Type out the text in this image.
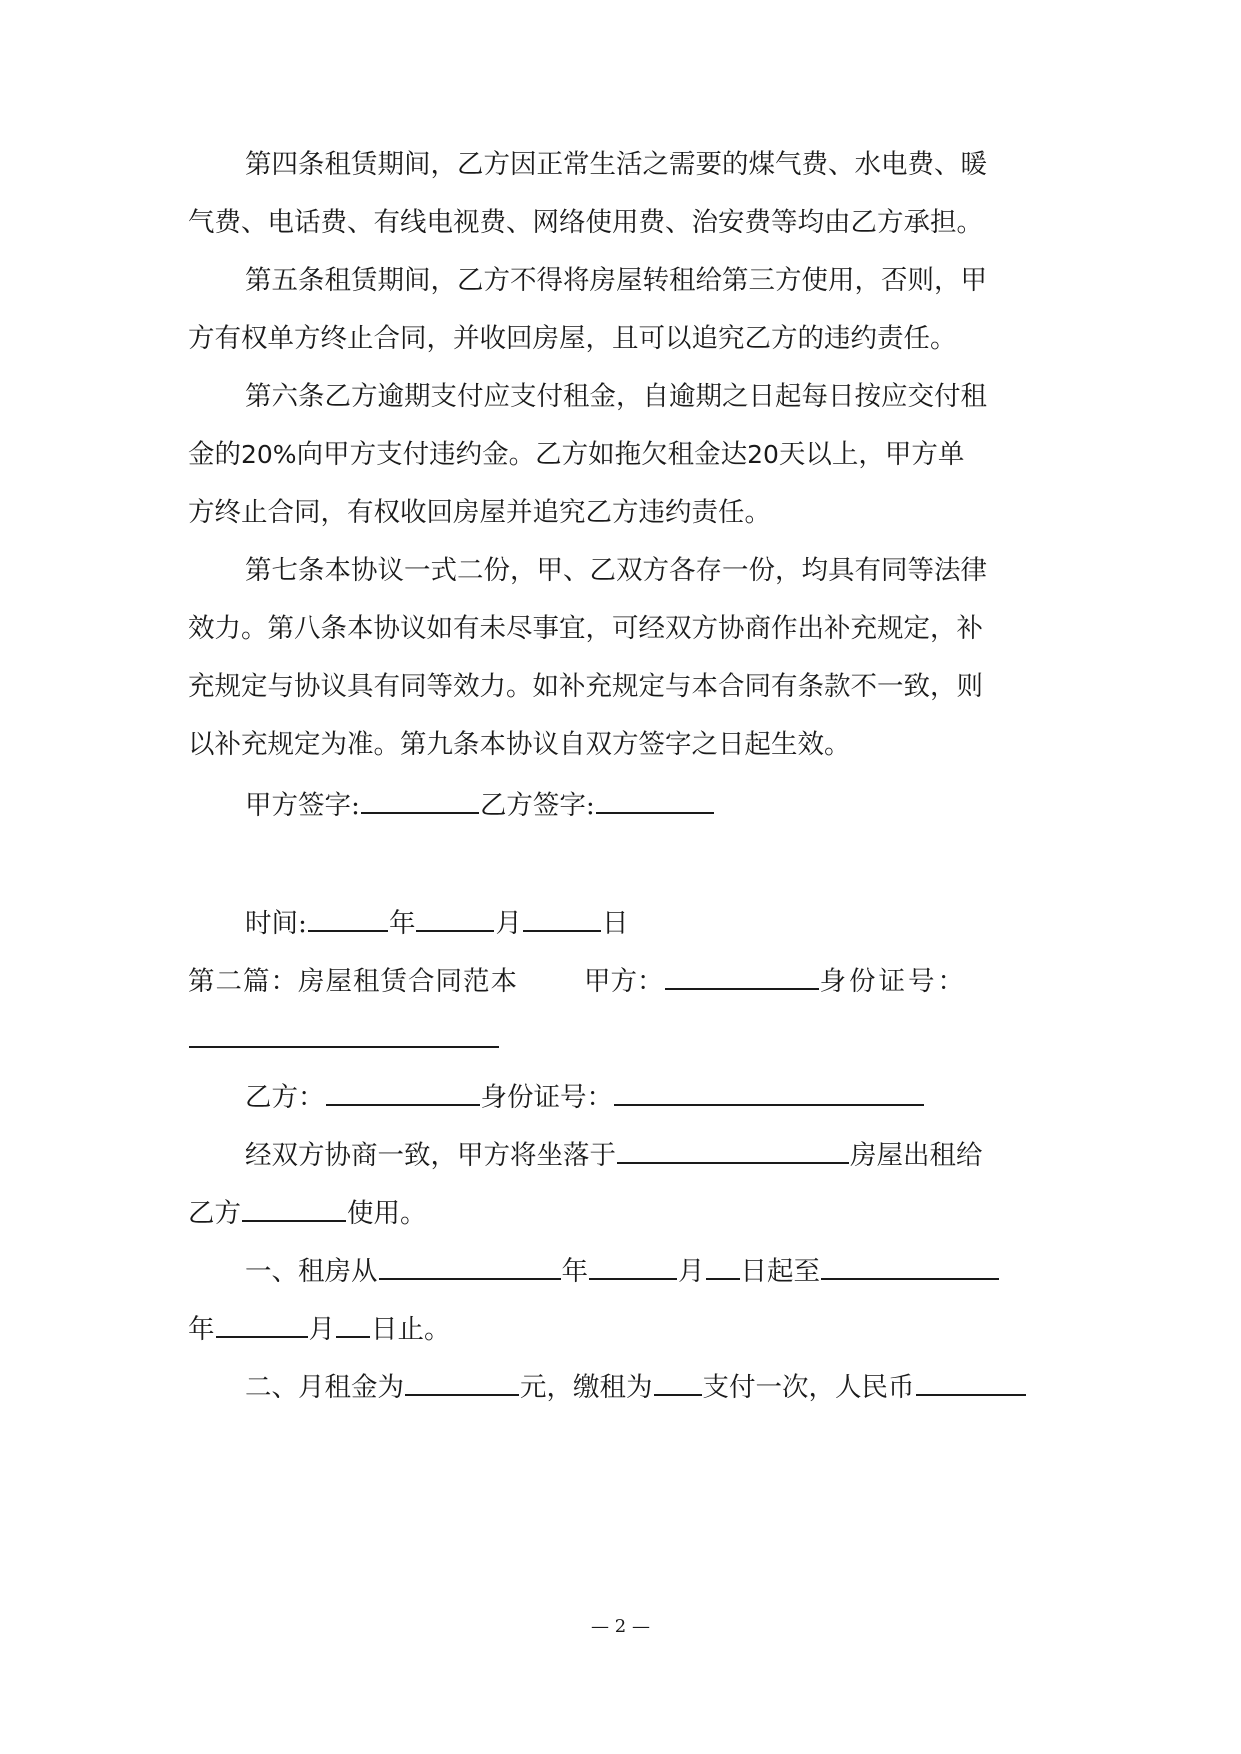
第四条租赁期间，乙方因正常生活之需要的煤气费、水电费、暖
气费、电话费、有线电视费、网络使用费、治安费等均由乙方承担。
第五条租赁期间，乙方不得将房屋转租给第三方使用，否则，甲
方有权单方终止合同，并收回房屋，且可以追究乙方的违约责任。
第六条乙方逾期支付应支付租金，自逾期之日起每日按应交付租
金的20%向甲方支付违约金。乙方如拖欠租金达20天以上，甲方单
方终止合同，有权收回房屋并追究乙方违约责任。
第七条本协议一式二份，甲、乙双方各存一份，均具有同等法律
效力。第八条本协议如有未尽事宜，可经双方协商作出补充规定，补
充规定与协议具有同等效力。如补充规定与本合同有条款不一致，则
以补充规定为准。第九条本协议自双方签字之日起生效。
甲方签字:	乙方签字:
时间:	年	月	日
第二篇：房屋租赁合同范本 甲方：	身份证号：
乙方：	身份证号：
经双方协商一致，甲方将坐落于	房屋出租给
乙方	使用。
一、租房从	年	月 日起至
年	月 日止。
二、月租金为	元，缴租为 支付一次，人民币
— 2 —
